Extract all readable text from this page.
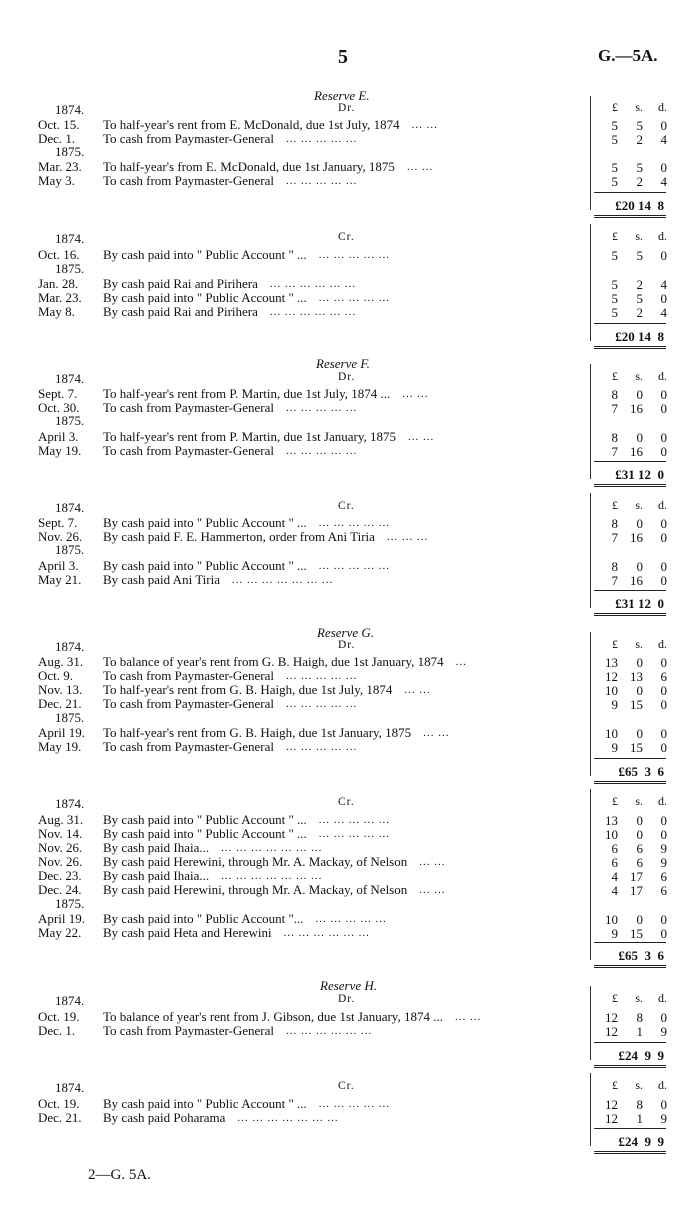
5	G.—5A.
Reserve E.
Dr.	£	s.	d.
1874.
Oct. 15.	To half-year's rent from E. McDonald, due 1st July, 1874 ... ...	5	5	0
Dec. 1.	To cash from Paymaster-General ... ... ... ... ...	5	2	4
1875.
Mar. 23.	To half-year's from E. McDonald, due 1st January, 1875 ... ...	5	5	0
May 3.	To cash from Paymaster-General ... ... ... ... ...	5	2	4
£20 14  8
Cr.	£	s.	d.
1874.
Oct. 16.	By cash paid into " Public Account " ... ... ... ... ... ...	5	5	0
1875.
Jan. 28.	By cash paid Rai and Pirihera ... ... ... ... ... ...	5	2	4
Mar. 23.	By cash paid into " Public Account " ... ... ... ... ... ...	5	5	0
May 8.	By cash paid Rai and Pirihera ... ... ... ... ... ...	5	2	4
£20 14  8
Reserve F.
Dr.	£	s.	d.
1874.
Sept. 7.	To half-year's rent from P. Martin, due 1st July, 1874 ... ... ...	8	0	0
Oct. 30.	To cash from Paymaster-General ... ... ... ... ...	7 16	0
1875.
April 3.	To half-year's rent from P. Martin, due 1st January, 1875 ... ...	8	0	0
May 19.	To cash from Paymaster-General ... ... ... ... ...	7 16	0
£31 12  0
Cr.	£	s.	d.
1874.
Sept. 7.	By cash paid into " Public Account " ... ... ... ... ... ...	8	0	0
Nov. 26.	By cash paid F. E. Hammerton, order from Ani Tiria ... ... ...	7 16	0
1875.
April 3.	By cash paid into " Public Account " ... ... ... ... ... ...	8	0	0
May 21.	By cash paid Ani Tiria ... ... ... ... ... ... ...	7 16	0
£31 12  0
Reserve G.
Dr.	£	s.	d.
1874.
Aug. 31.	To balance of year's rent from G. B. Haigh, due 1st January, 1874 ...	13	0	0
Oct. 9.	To cash from Paymaster-General ... ... ... ... ...	12 13	6
Nov. 13.	To half-year's rent from G. B. Haigh, due 1st July, 1874 ... ...	10	0	0
Dec. 21.	To cash from Paymaster-General ... ... ... ... ...	9 15	0
1875.
April 19.	To half-year's rent from G. B. Haigh, due 1st January, 1875 ... ...	10	0	0
May 19.	To cash from Paymaster-General ... ... ... ... ...	9 15	0
£65  3  6
Cr.	£	s.	d.
1874.
Aug. 31.	By cash paid into " Public Account " ... ... ... ... ... ...	13	0	0
Nov. 14.	By cash paid into " Public Account " ... ... ... ... ... ...	10	0	0
Nov. 26.	By cash paid Ihaia... ... ... ... ... ... ... ...	6	6	9
Nov. 26.	By cash paid Herewini, through Mr. A. Mackay, of Nelson ... ...	6	6	9
Dec. 23.	By cash paid Ihaia... ... ... ... ... ... ... ...	4 17	6
Dec. 24.	By cash paid Herewini, through Mr. A. Mackay, of Nelson ... ...	4 17	6
1875.
April 19.	By cash paid into " Public Account "... ... ... ... ... ...	10	0	0
May 22.	By cash paid Heta and Herewini ... ... ... ... ... ...	9 15	0
£65  3  6
Reserve H.
Dr.	£	s.	d.
1874.
Oct. 19.	To balance of year's rent from J. Gibson, due 1st January, 1874 ... ... ...	12	8	0
Dec. 1.	To cash from Paymaster-General ... ... ... ... ... ...	12	1	9
£24  9  9
Cr.	£	s.	d.
1874.
Oct. 19.	By cash paid into " Public Account " ... ... ... ... ... ...	12	8	0
Dec. 21.	By cash paid Poharama ... ... ... ... ... ... ...	12	1	9
£24  9  9
2—G. 5A.
